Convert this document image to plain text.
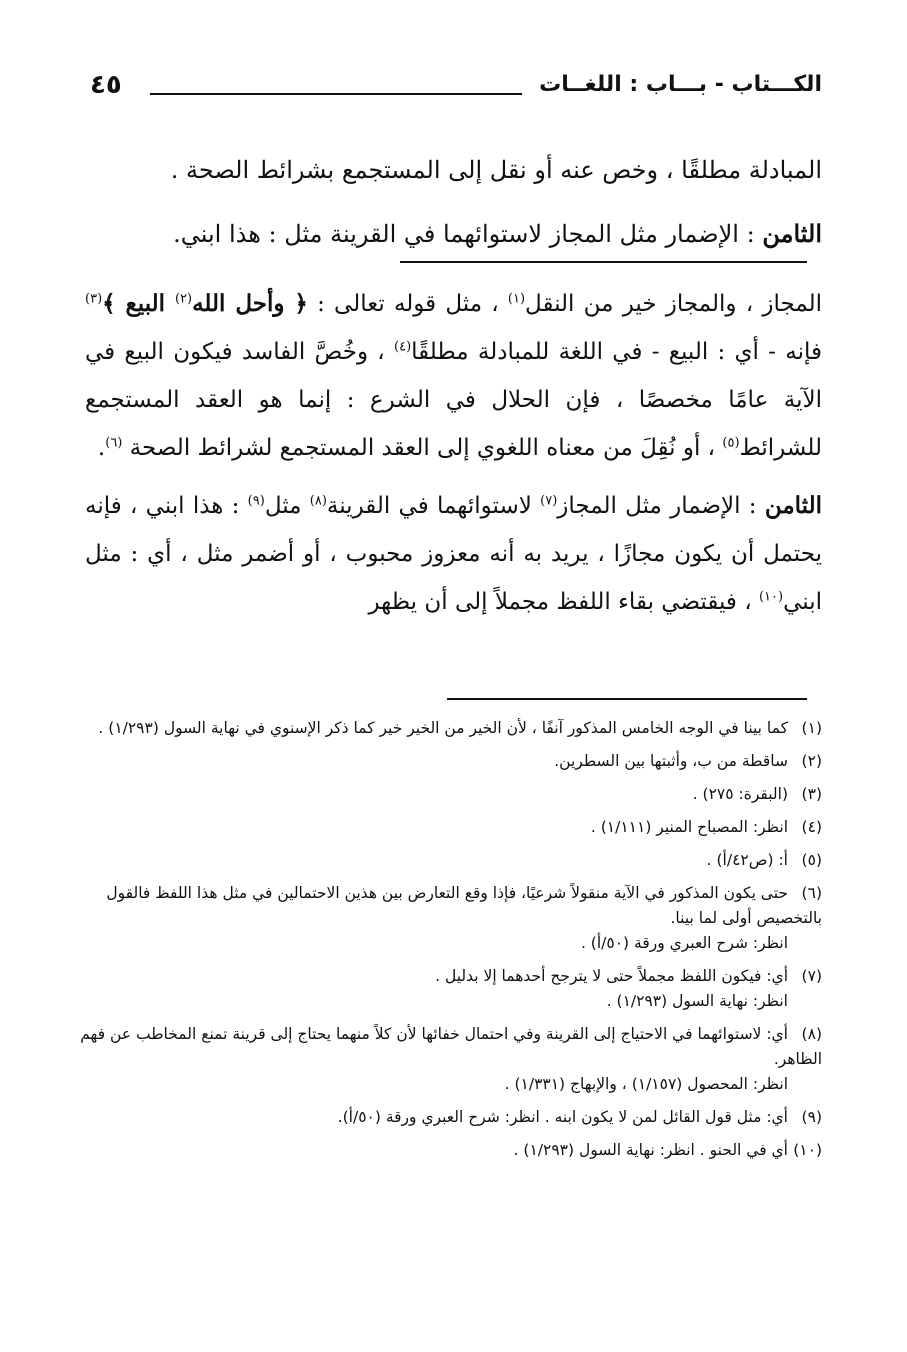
الكـــتاب - بـــاب : اللغــات
٤٥
المبادلة مطلقًا ، وخص عنه أو نقل إلى المستجمع بشرائط الصحة .
الثامن : الإضمار مثل المجاز لاستوائهما في القرينة مثل : هذا ابني.

المجاز ، والمجاز خير من النقل$^{(١)}$ ، مثل قوله تعالى : ﴿ وأحل الله$^{(٢)}$ البيع ﴾$^{(٣)}$ فإنه - أي : البيع - في اللغة للمبادلة مطلقًا$^{(٤)}$ ، وخُصَّ الفاسد فيكون البيع في الآية عامًا مخصصًا ، فإن الحلال في الشرع : إنما هو العقد المستجمع للشرائط$^{(٥)}$ ، أو نُقِلَ من معناه اللغوي إلى العقد المستجمع لشرائط الصحة $^{(٦)}$.

الثامن : الإضمار مثل المجاز$^{(٧)}$ لاستوائهما في القرينة$^{(٨)}$ مثل$^{(٩)}$ : هذا ابني ، فإنه يحتمل أن يكون مجازًا ، يريد به أنه معزوز محبوب ، أو أضمر مثل ، أي : مثل ابني$^{(١٠)}$ ، فيقتضي بقاء اللفظ مجملاً إلى أن يظهر

(١)كما بينا في الوجه الخامس المذكور آنفًا ، لأن الخير من الخير خير كما ذكر الإسنوي في نهاية السول (١/٢٩٣) .
(٢)ساقطة من ب، وأثبتها بين السطرين.
(٣)(البقرة: ٢٧٥) .
(٤)انظر: المصباح المنير (١/١١١) .
(٥)أ: (ص٤٢/أ) .
(٦)حتى يكون المذكور في الآية منقولاً شرعيًا، فإذا وقع التعارض بين هذين الاحتمالين في مثل هذا اللفظ فالقول بالتخصيص أولى لما بينا.
انظر: شرح العبري ورقة (٥٠/أ) .
(٧)أي: فيكون اللفظ مجملاً حتى لا يترجح أحدهما إلا بدليل .
انظر: نهاية السول (١/٢٩٣) .
(٨)أي: لاستوائهما في الاحتياج إلى القرينة وفي احتمال خفائها لأن كلاً منهما يحتاج إلى قرينة تمنع المخاطب عن فهم الظاهر.
انظر: المحصول (١/١٥٧) ، والإبهاج (١/٣٣١) .
(٩)أي: مثل قول القائل لمن لا يكون ابنه . انظر: شرح العبري ورقة (٥٠/أ).
(١٠)أي في الحنو . انظر: نهاية السول (١/٢٩٣) .
